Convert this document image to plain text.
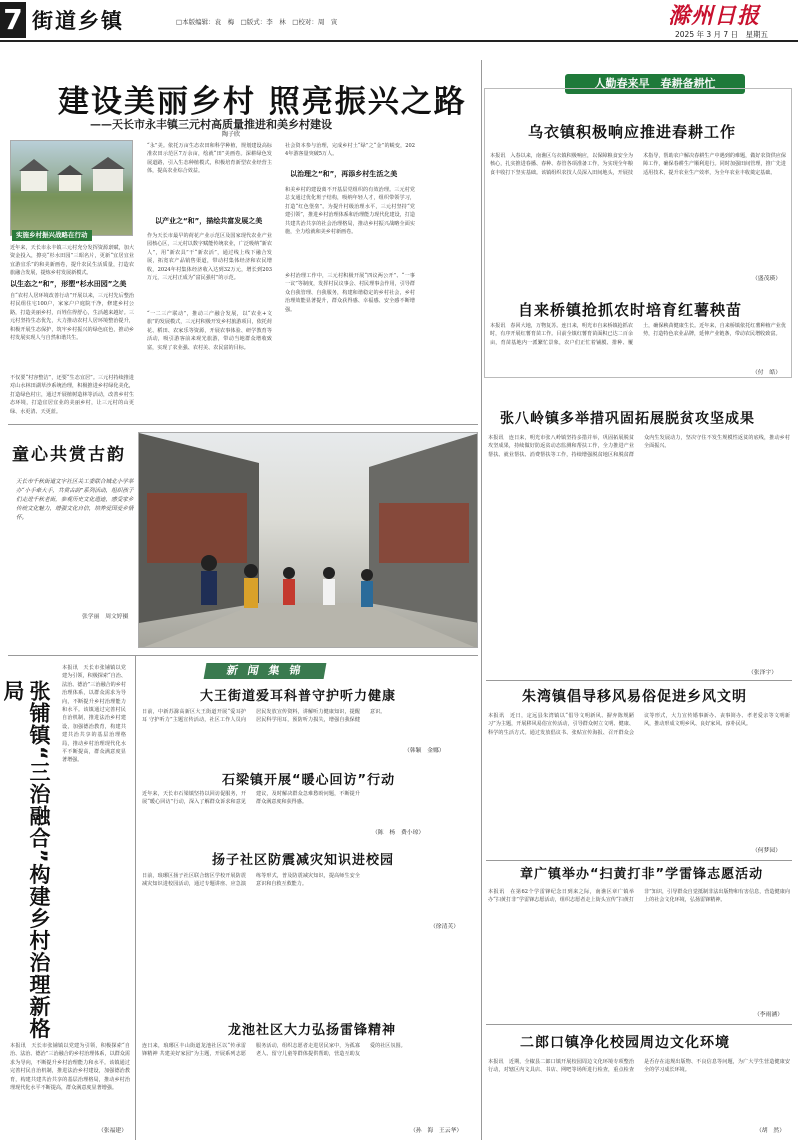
7 街道乡镇	□本版编辑：袁　梅　□版式：李　林　□校对：周　寅	滁州日报
2025 年 3 月 7 日　星期五
建设美丽乡村 照亮振兴之路
——天长市永丰镇三元村高质量推进和美乡村建设
陶子欣
实施乡村振兴战略在行动
近年来，天长市永丰镇三元村充分发挥资源禀赋，加大资金投入，擦亮“杉水田园”三昭名片，更新“宜居宜业宜游宜乐”的和美新画卷，提升农民生活质量，打造农旅融合发展，提炼乡村发展新模式。
以生态之“和”，形塑“杉水田园”之美
自“农村人居环境改善行动”开展以来，三元村先后整治村民组住宅100户，家家户户庭院干净，修建乡村公路，打造美丽乡村，百姓住得舒心，生活越来越好。三元村坚持生态优先，大力推动农村人居环境整治提升，积极开展生态保护，筑牢乡村振兴的绿色底色，推动乡村发展实现人与自然和谐共生。
不仅要“村容整洁”，还要“生态宜居”。三元村持续推进对山水林田湖草沙系统治理，积极推进乡村绿化美化，打造绿色村庄，通过开展植树造林等活动，改善乡村生态环境，打造宜居宜业的美丽乡村，让三元村的山更绿、水更清、天更蓝。
“永”美。依托万亩生态农田和科学种植，规划建设高标准农田示范区7万余亩，绘就“田”美画卷。深耕绿色发展道路，引入生态种植模式，积极培育新型农业经营主体，提高农业综合效益。
以产业之“和”，描绘共富发展之美
作为天长市最早的荷花产业示范区及国家现代农业产业园核心区，三元村以数字赋能传统农业，广泛吸纳“新农人”，用“新农具”干“新农活”，通过线上线下融合发展，拓宽农产品销售渠道，带动村集体经济和农民增收，2024年村集体经济收入达到32万元，增长到203万元，三元村正成为“富民强村”的示范。
“一二三产联动”，推动三产融合发展，以“农业+文旅”的发展模式，三元村积极开发乡村旅游项目，依托荷花、稻田、农家乐等资源，开展农事体验、研学教育等活动，吸引游客前来观光旅游，带动当地群众增收致富，实现了农业强、农村美、农民富的目标。
社会资本参与治理，完成乡村土“绿”之“金”的蜕变，2024年游客量突破5万人。
以治理之“和”，再添乡村生活之美
和美乡村的建设离不开基层党组织的有效治理。三元村党总支通过优化班子结构，吸纳年轻人才，组织带领学习，打造“红色堡垒”。为提升村级治理水平，三元村坚持“党建引领”，推进乡村治理体系和治理能力现代化建设，打造共建共治共享的社会治理格局，推动乡村振兴战略全面实施，全力绘就和美乡村新画卷。
乡村治理工作中，三元村积极开展“四议两公开”、“一事一议”等制度，发挥村民议事会、村民理事会作用，引导群众自我管理、自我服务，构建和谐稳定的乡村社会，乡村治理效能显著提升，群众获得感、幸福感、安全感不断增强。
童心共赏古韵
天长市千秋街道文宇社区关工委联合城北小学举办“小手牵大手，共赏古韵”系列活动，组织孩子们走进千秋老街，参观历史文化遗迹，感受家乡传统文化魅力，增强文化自信，培养爱国爱乡情怀。
张学丽　周文婷摄
张铺镇“三治融合”构建乡村治理新格局
本报讯　天长市张铺镇以党建为引领，积极探索“自治、法治、德治”三治融合的乡村治理体系，以群众需求为导向，不断提升乡村治理能力和水平。该镇通过完善村民自治机制，推进法治乡村建设，加强德治教育，构建共建共治共享的基层治理格局，推动乡村治理现代化水平不断提高，群众满意度显著增强。
本报讯　天长市张铺镇以党建为引领，积极探索“自治、法治、德治”三治融合的乡村治理体系，以群众需求为导向，不断提升乡村治理能力和水平。该镇通过完善村民自治机制，推进法治乡村建设，加强德治教育，构建共建共治共享的基层治理格局，推动乡村治理现代化水平不断提高，群众满意度显著增强。
（张福建）
新 闻 集 锦
大王街道爱耳科普守护听力健康
日前，中新苏滁高新区大王街道开展“爱耳护耳 守护听力”主题宣传活动，社区工作人员向居民发放宣传资料，讲解听力健康知识，提醒居民科学用耳，预防听力损失，增强自我保健意识。
（韩颖　金娜）
石梁镇开展“暖心回访”行动
近年来，天长市石梁镇坚持以回访促服务，开展“暖心回访”行动，深入了解群众诉求和意见建议，及时解决群众急难愁盼问题，不断提升群众满意度和获得感。
（陈　杨　费小琼）
扬子社区防震减灾知识进校园
日前，琅琊区扬子社区联合辖区学校开展防震减灾知识进校园活动，通过专题讲座、应急演练等形式，普及防震减灾知识，提高师生安全意识和自救互救能力。
（徐清芙）
龙池社区大力弘扬雷锋精神
连日来，琅琊区丰山街道龙池社区以“传承雷锋精神 共建美好家园”为主题，开展系列志愿服务活动，组织志愿者走进居民家中，为孤寡老人、留守儿童等群体提供帮助，营造互助友爱的社区氛围。
（孙　海　王云华）
人勤春来早　春耕备耕忙
乌衣镇积极响应推进春耕工作
本报讯　入春以来，南谯区乌衣镇积极响应，以保障粮食安全为核心，扎实推进春播、春种、春管各项准备工作，为实现全年粮食丰收打下坚实基础。该镇组织农技人员深入田间地头，开展技术指导，帮助农户解决春耕生产中遇到的难题，做好农资供应保障工作，确保春耕生产顺利进行。同时加强田间管理，推广先进适用技术，提升农业生产效率，为全年农业丰收奠定基础。
（盛茂瑛）
自来桥镇抢抓农时培育红薯秧苗
本报讯　春回大地，万物复苏。连日来，明光市自来桥镇抢抓农时，有序开展红薯育苗工作。目前全镇红薯育苗面积已达二百余亩，育苗基地内一派繁忙景象，农户们正忙着铺膜、排种、覆土，确保秧苗健康生长。近年来，自来桥镇依托红薯种植产业优势，打造特色农业品牌，延伸产业链条，带动农民增收致富。
（付　皓）
张八岭镇多举措巩固拓展脱贫攻坚成果
本报讯　连日来，明光市张八岭镇坚持多措并举，巩固拓展脱贫攻坚成果，持续做好防返贫动态监测和帮扶工作，全力推进产业帮扶、就业帮扶、消费帮扶等工作，持续增强脱贫地区和脱贫群众内生发展动力，坚决守住不发生规模性返贫的底线，推动乡村全面振兴。
（张泽宇）
朱湾镇倡导移风易俗促进乡风文明
本报讯　近日，定远县朱湾镇以“倡导文明新风、摒弃陈规陋习”为主题，开展移风易俗宣传活动，引导群众树立文明、健康、科学的生活方式。通过发放倡议书、张贴宣传海报、召开群众会议等形式，大力宣传婚事新办、丧事简办、孝老爱亲等文明新风，推动形成文明乡风、良好家风、淳朴民风。
（何梦园）
章广镇举办“扫黄打非”学雷锋志愿活动
本报讯　在第62个学雷锋纪念日到来之际，南谯区章广镇举办“扫黄打非”学雷锋志愿活动，组织志愿者走上街头宣传“扫黄打非”知识，引导群众自觉抵制非法出版物和有害信息，营造健康向上的社会文化环境，弘扬雷锋精神。
（李雨涵）
二郎口镇净化校园周边文化环境
本报讯　近期，全椒县二郎口镇开展校园周边文化环境专项整治行动，对辖区内文具店、书店、网吧等场所进行检查，重点检查是否存在违规出版物、不良信息等问题，为广大学生营造健康安全的学习成长环境。
（胡　然）
